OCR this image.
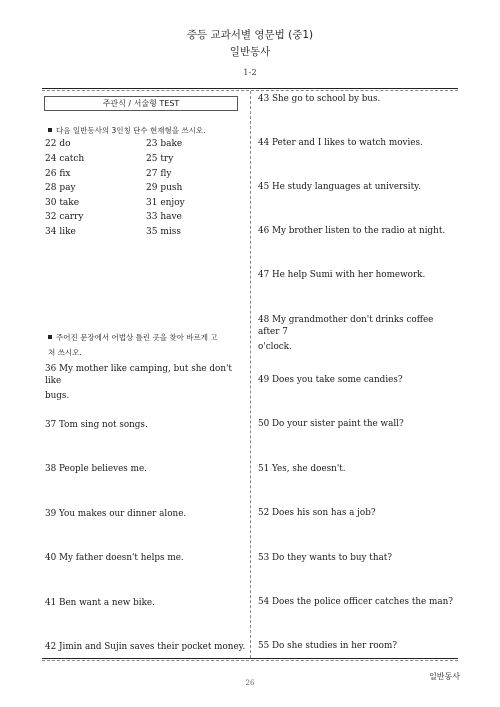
중등 교과서별 영문법 (중1)
일반동사
1-2
주관식 / 서술형 TEST
다음 일반동사의 3인칭 단수 현재형을 쓰시오.
22 do	23 bake
24 catch	25 try
26 fix	27 fly
28 pay	29 push
30 take	31 enjoy
32 carry	33 have
34 like	35 miss
주어진 문장에서 어법상 틀린 곳을 찾아 바르게 고
쳐 쓰시오.
36 My mother like camping, but she don't like
bugs.
37 Tom sing not songs.
38 People believes me.
39 You makes our dinner alone.
40 My father doesn't helps me.
41 Ben want a new bike.
42 Jimin and Sujin saves their pocket money.
43 She go to school by bus.
44 Peter and I likes to watch movies.
45 He study languages at university.
46 My brother listen to the radio at night.
47 He help Sumi with her homework.
48 My grandmother don't drinks coffee after 7
o'clock.
49 Does you take some candies?
50 Do your sister paint the wall?
51 Yes, she doesn't.
52 Does his son has a job?
53 Do they wants to buy that?
54 Does the police officer catches the man?
55 Do she studies in her room?
일반동사
26
